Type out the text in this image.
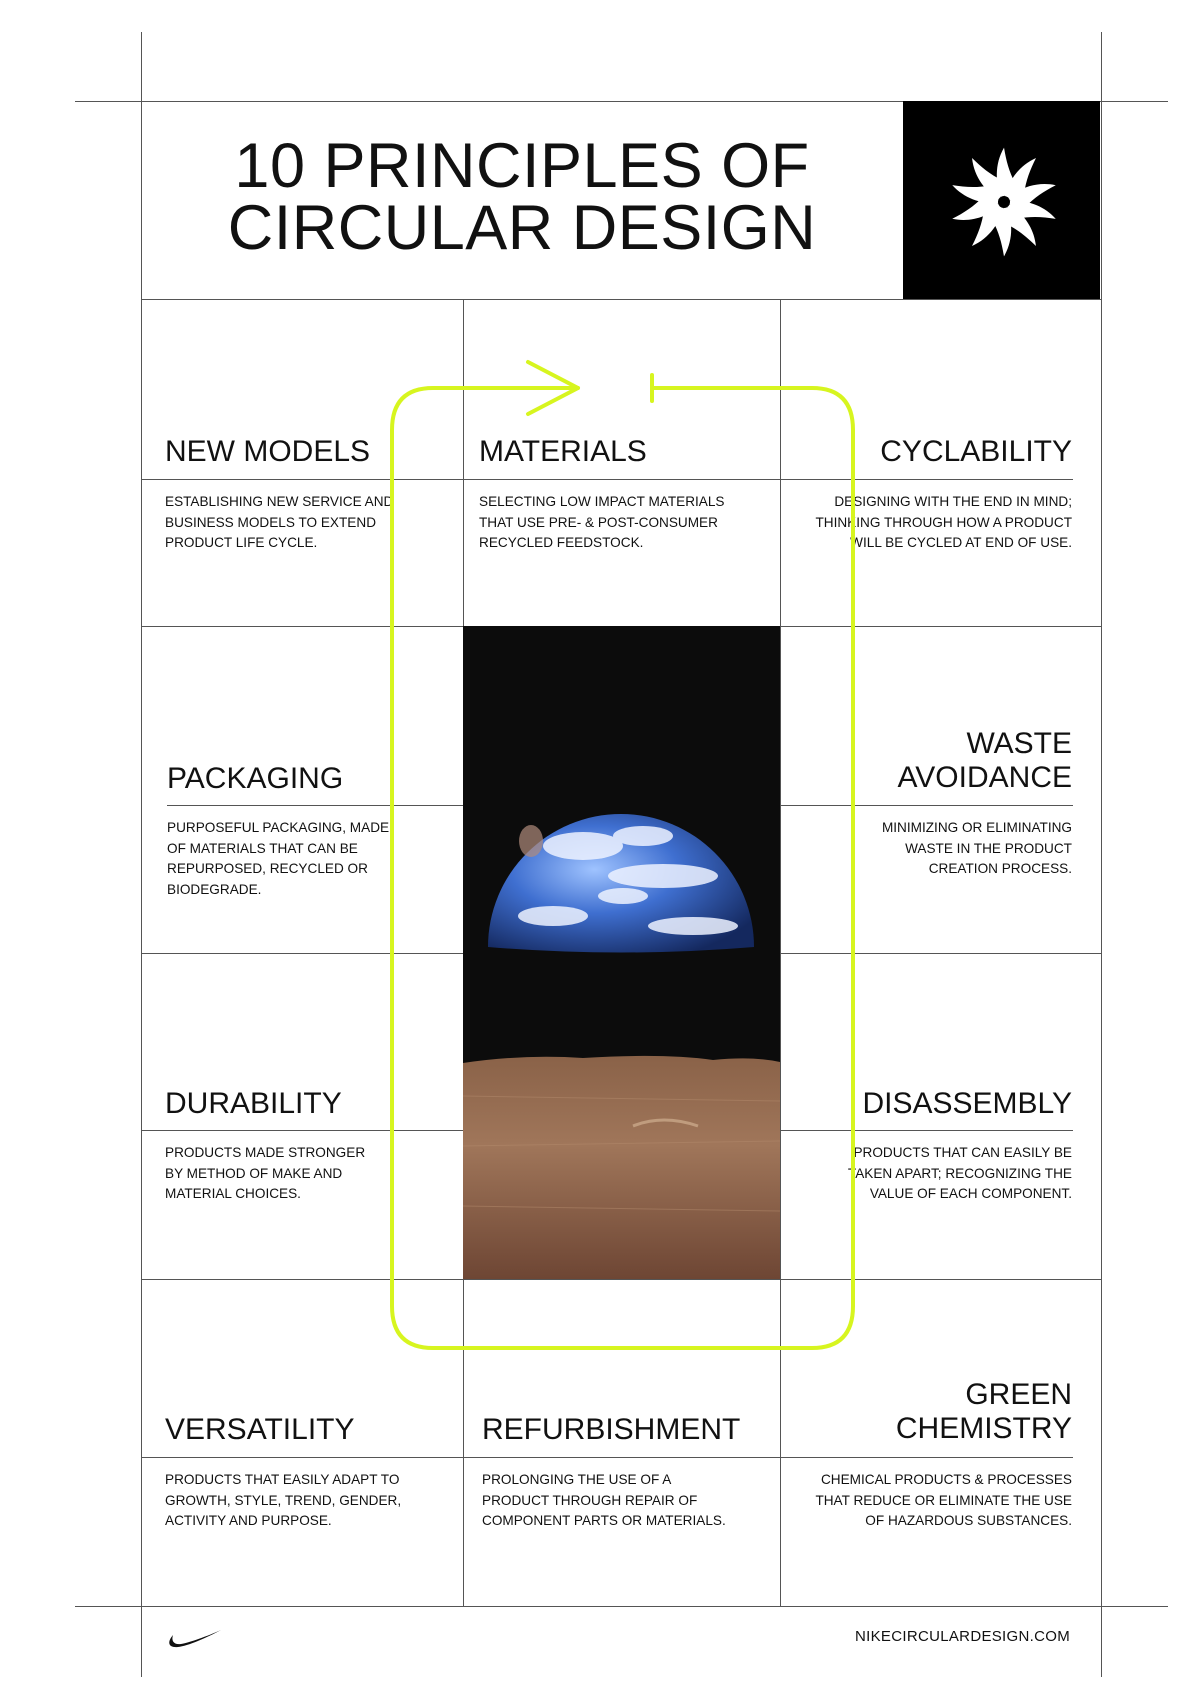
10 PRINCIPLES OF
CIRCULAR DESIGN
NEW MODELS
ESTABLISHING NEW SERVICE AND
BUSINESS MODELS TO EXTEND
PRODUCT LIFE CYCLE.
MATERIALS
SELECTING LOW IMPACT MATERIALS
THAT USE PRE- & POST-CONSUMER
RECYCLED FEEDSTOCK.
CYCLABILITY
DESIGNING WITH THE END IN MIND;
THINKING THROUGH HOW A PRODUCT
WILL BE CYCLED AT END OF USE.
PACKAGING
PURPOSEFUL PACKAGING, MADE
OF MATERIALS THAT CAN BE
REPURPOSED, RECYCLED OR
BIODEGRADE.
WASTE
AVOIDANCE
MINIMIZING OR ELIMINATING
WASTE IN THE PRODUCT
CREATION PROCESS.
DURABILITY
PRODUCTS MADE STRONGER
BY METHOD OF MAKE AND
MATERIAL CHOICES.
DISASSEMBLY
PRODUCTS THAT CAN EASILY BE
TAKEN APART; RECOGNIZING THE
VALUE OF EACH COMPONENT.
VERSATILITY
PRODUCTS THAT EASILY ADAPT TO
GROWTH, STYLE, TREND, GENDER,
ACTIVITY AND PURPOSE.
REFURBISHMENT
PROLONGING THE USE OF A
PRODUCT THROUGH REPAIR OF
COMPONENT PARTS OR MATERIALS.
GREEN
CHEMISTRY
CHEMICAL PRODUCTS & PROCESSES
THAT REDUCE OR ELIMINATE THE USE
OF HAZARDOUS SUBSTANCES.
NIKECIRCULARDESIGN.COM
